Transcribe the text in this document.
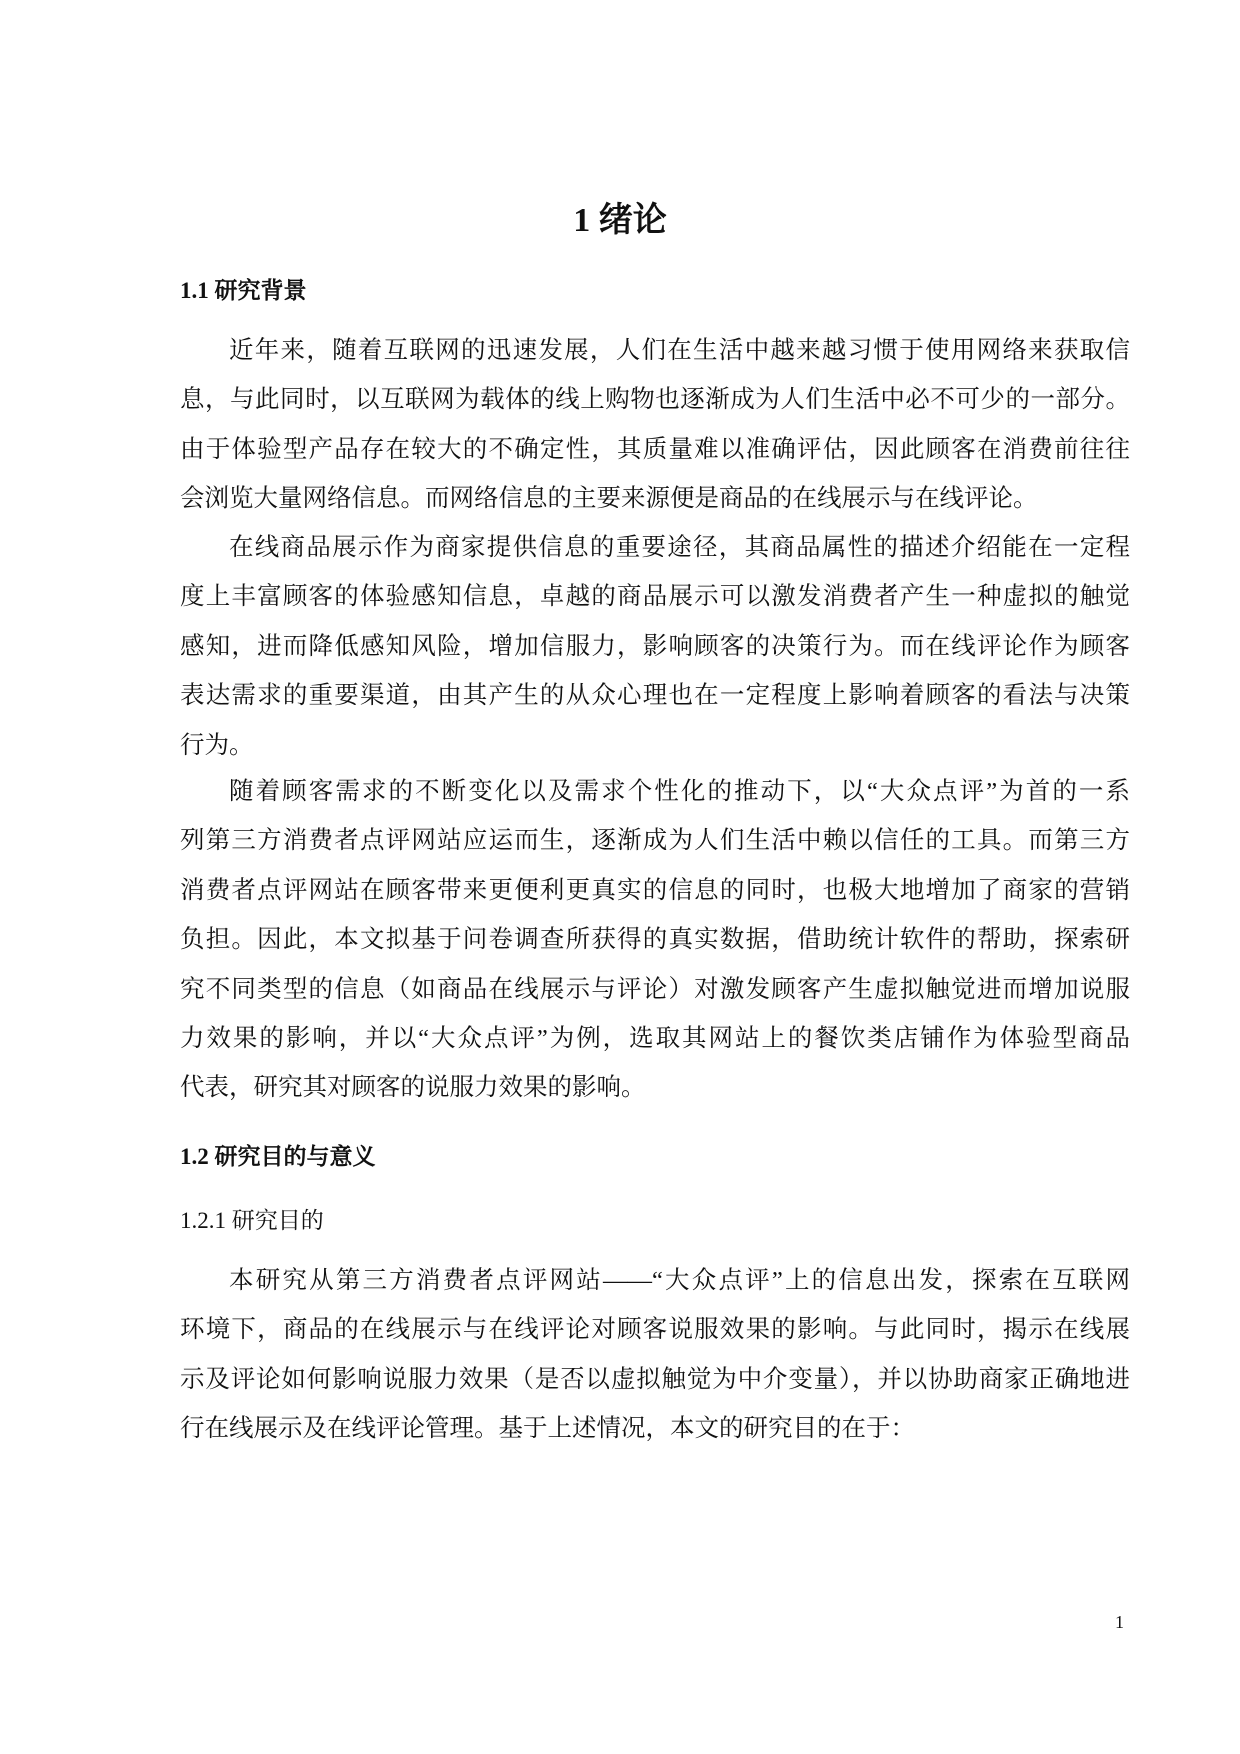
1 绪论
1.1 研究背景
近年来，随着互联网的迅速发展，人们在生活中越来越习惯于使用网络来获取信
息，与此同时，以互联网为载体的线上购物也逐渐成为人们生活中必不可少的一部分。
由于体验型产品存在较大的不确定性，其质量难以准确评估，因此顾客在消费前往往
会浏览大量网络信息。而网络信息的主要来源便是商品的在线展示与在线评论。
在线商品展示作为商家提供信息的重要途径，其商品属性的描述介绍能在一定程
度上丰富顾客的体验感知信息，卓越的商品展示可以激发消费者产生一种虚拟的触觉
感知，进而降低感知风险，增加信服力，影响顾客的决策行为。而在线评论作为顾客
表达需求的重要渠道，由其产生的从众心理也在一定程度上影响着顾客的看法与决策
行为。
随着顾客需求的不断变化以及需求个性化的推动下，以“大众点评”为首的一系
列第三方消费者点评网站应运而生，逐渐成为人们生活中赖以信任的工具。而第三方
消费者点评网站在顾客带来更便利更真实的信息的同时，也极大地增加了商家的营销
负担。因此，本文拟基于问卷调查所获得的真实数据，借助统计软件的帮助，探索研
究不同类型的信息（如商品在线展示与评论）对激发顾客产生虚拟触觉进而增加说服
力效果的影响，并以“大众点评”为例，选取其网站上的餐饮类店铺作为体验型商品
代表，研究其对顾客的说服力效果的影响。
1.2 研究目的与意义
1.2.1 研究目的
本研究从第三方消费者点评网站——“大众点评”上的信息出发，探索在互联网
环境下，商品的在线展示与在线评论对顾客说服效果的影响。与此同时，揭示在线展
示及评论如何影响说服力效果（是否以虚拟触觉为中介变量），并以协助商家正确地进
行在线展示及在线评论管理。基于上述情况，本文的研究目的在于：
1
